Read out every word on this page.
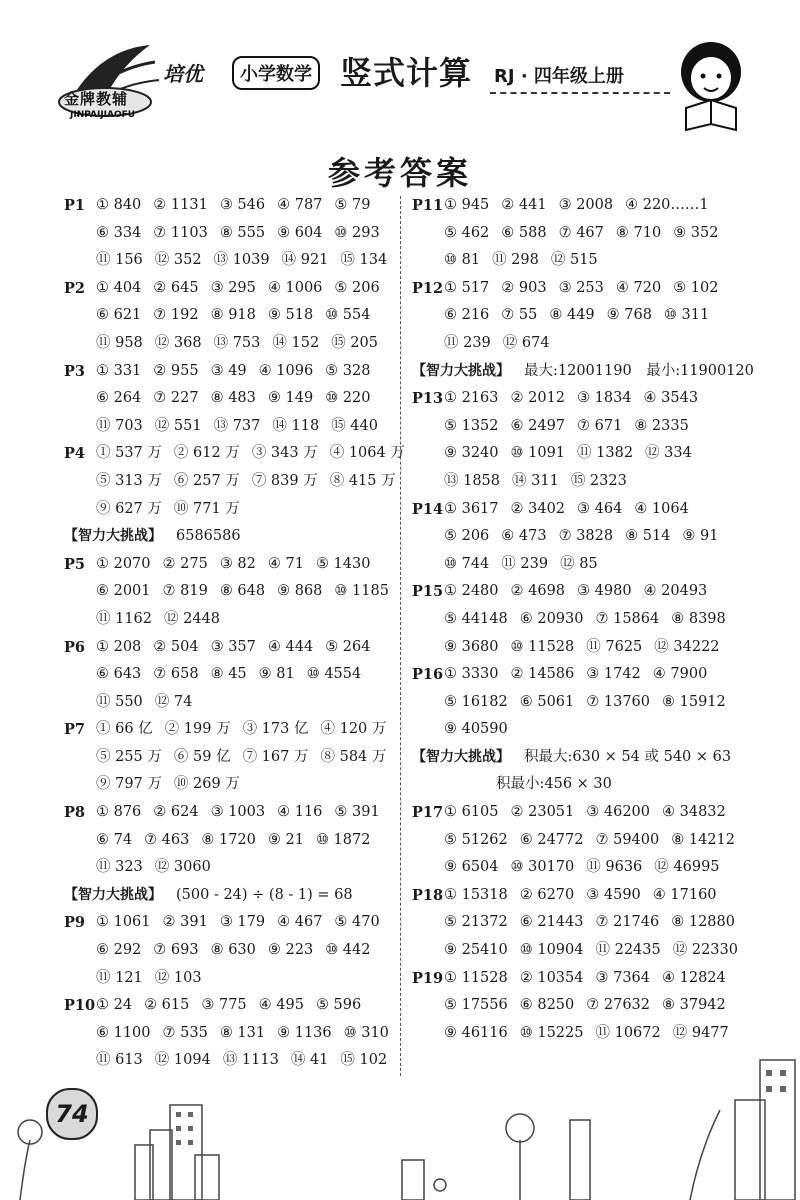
金牌教辅
JINPAIJIAOFU
培优	小学数学 竖式计算 RJ · 四年级上册
参考答案
P1 ① 840 ② 1131 ③ 546 ④ 787 ⑤ 79
⑥ 334 ⑦ 1103 ⑧ 555 ⑨ 604 ⑩ 293
⑪ 156 ⑫ 352 ⑬ 1039 ⑭ 921 ⑮ 134
P2 ① 404 ② 645 ③ 295 ④ 1006 ⑤ 206
⑥ 621 ⑦ 192 ⑧ 918 ⑨ 518 ⑩ 554
⑪ 958 ⑫ 368 ⑬ 753 ⑭ 152 ⑮ 205
P3 ① 331 ② 955 ③ 49 ④ 1096 ⑤ 328
⑥ 264 ⑦ 227 ⑧ 483 ⑨ 149 ⑩ 220
⑪ 703 ⑫ 551 ⑬ 737 ⑭ 118 ⑮ 440
P4 ① 537 万 ② 612 万 ③ 343 万 ④ 1064 万
⑤ 313 万 ⑥ 257 万 ⑦ 839 万 ⑧ 415 万
⑨ 627 万 ⑩ 771 万
【智力大挑战】 6586586
P5 ① 2070 ② 275 ③ 82 ④ 71 ⑤ 1430
⑥ 2001 ⑦ 819 ⑧ 648 ⑨ 868 ⑩ 1185
⑪ 1162 ⑫ 2448
P6 ① 208 ② 504 ③ 357 ④ 444 ⑤ 264
⑥ 643 ⑦ 658 ⑧ 45 ⑨ 81 ⑩ 4554
⑪ 550 ⑫ 74
P7 ① 66 亿 ② 199 万 ③ 173 亿 ④ 120 万
⑤ 255 万 ⑥ 59 亿 ⑦ 167 万 ⑧ 584 万
⑨ 797 万 ⑩ 269 万
P8 ① 876 ② 624 ③ 1003 ④ 116 ⑤ 391
⑥ 74 ⑦ 463 ⑧ 1720 ⑨ 21 ⑩ 1872
⑪ 323 ⑫ 3060
【智力大挑战】 (500 - 24) ÷ (8 - 1) = 68
P9 ① 1061 ② 391 ③ 179 ④ 467 ⑤ 470
⑥ 292 ⑦ 693 ⑧ 630 ⑨ 223 ⑩ 442
⑪ 121 ⑫ 103
P10 ① 24 ② 615 ③ 775 ④ 495 ⑤ 596
⑥ 1100 ⑦ 535 ⑧ 131 ⑨ 1136 ⑩ 310
⑪ 613 ⑫ 1094 ⑬ 1113 ⑭ 41 ⑮ 102
P11 ① 945 ② 441 ③ 2008 ④ 220……1
⑤ 462 ⑥ 588 ⑦ 467 ⑧ 710 ⑨ 352
⑩ 81 ⑪ 298 ⑫ 515
P12 ① 517 ② 903 ③ 253 ④ 720 ⑤ 102
⑥ 216 ⑦ 55 ⑧ 449 ⑨ 768 ⑩ 311
⑪ 239 ⑫ 674
【智力大挑战】 最大:12001190　最小:11900120
P13 ① 2163 ② 2012 ③ 1834 ④ 3543
⑤ 1352 ⑥ 2497 ⑦ 671 ⑧ 2335
⑨ 3240 ⑩ 1091 ⑪ 1382 ⑫ 334
⑬ 1858 ⑭ 311 ⑮ 2323
P14 ① 3617 ② 3402 ③ 464 ④ 1064
⑤ 206 ⑥ 473 ⑦ 3828 ⑧ 514 ⑨ 91
⑩ 744 ⑪ 239 ⑫ 85
P15 ① 2480 ② 4698 ③ 4980 ④ 20493
⑤ 44148 ⑥ 20930 ⑦ 15864 ⑧ 8398
⑨ 3680 ⑩ 11528 ⑪ 7625 ⑫ 34222
P16 ① 3330 ② 14586 ③ 1742 ④ 7900
⑤ 16182 ⑥ 5061 ⑦ 13760 ⑧ 15912
⑨ 40590
【智力大挑战】 积最大:630 × 54 或 540 × 63
积最小:456 × 30
P17 ① 6105 ② 23051 ③ 46200 ④ 34832
⑤ 51262 ⑥ 24772 ⑦ 59400 ⑧ 14212
⑨ 6504 ⑩ 30170 ⑪ 9636 ⑫ 46995
P18 ① 15318 ② 6270 ③ 4590 ④ 17160
⑤ 21372 ⑥ 21443 ⑦ 21746 ⑧ 12880
⑨ 25410 ⑩ 10904 ⑪ 22435 ⑫ 22330
P19 ① 11528 ② 10354 ③ 7364 ④ 12824
⑤ 17556 ⑥ 8250 ⑦ 27632 ⑧ 37942
⑨ 46116 ⑩ 15225 ⑪ 10672 ⑫ 9477
74
